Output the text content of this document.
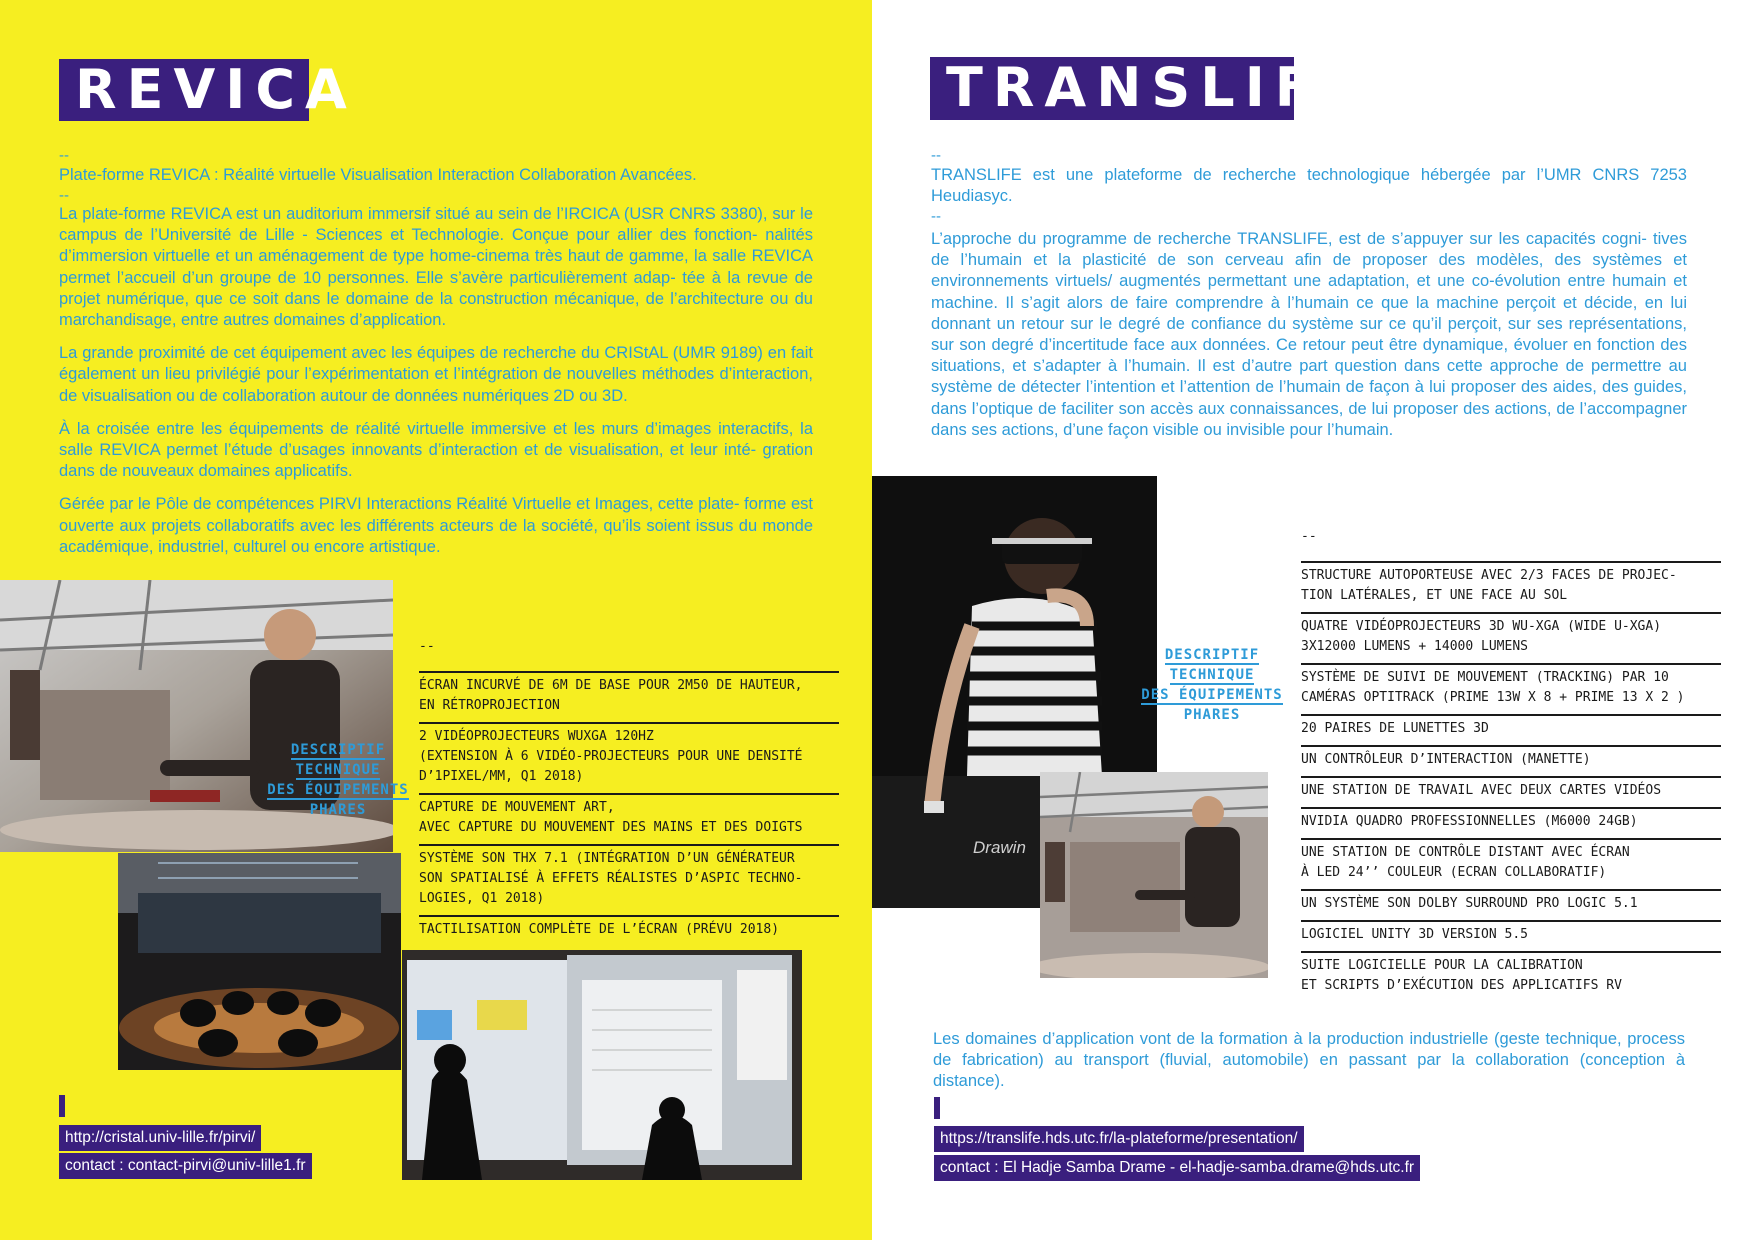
REVICA
--
Plate-forme REVICA : Réalité virtuelle Visualisation Interaction Collaboration Avancées.
--

La plate-forme REVICA est un auditorium immersif situé au sein de l’IRCICA (USR CNRS 3380), sur le campus de l’Université de Lille - Sciences et Technologie. Conçue pour allier des fonction- nalités d’immersion virtuelle et un aménagement de type home-cinema très haut de gamme, la salle REVICA permet l’accueil d’un groupe de 10 personnes. Elle s’avère particulièrement adap- tée à la revue de projet numérique, que ce soit dans le domaine de la construction mécanique, de l’architecture ou du marchandisage, entre autres domaines d’application.

La grande proximité de cet équipement avec les équipes de recherche du CRIStAL (UMR 9189) en fait également un lieu privilégié pour l’expérimentation et l’intégration de nouvelles méthodes d’interaction, de visualisation ou de collaboration autour de données numériques 2D ou 3D.

À la croisée entre les équipements de réalité virtuelle immersive et les murs d’images interactifs, la salle REVICA permet l’étude d’usages innovants d’interaction et de visualisation, et leur inté- gration dans de nouveaux domaines applicatifs.

Gérée par le Pôle de compétences PIRVI Interactions Réalité Virtuelle et Images, cette plate- forme est ouverte aux projets collaboratifs avec les différents acteurs de la société, qu’ils soient issus du monde académique, industriel, culturel ou encore artistique.

DESCRIPTIF
TECHNIQUE
DES ÉQUIPEMENTS
PHARES
--
ÉCRAN INCURVÉ DE 6M DE BASE POUR 2M50 DE HAUTEUR,
EN RÉTROPROJECTION
2 VIDÉOPROJECTEURS WUXGA 120HZ
(EXTENSION À 6 VIDÉO-PROJECTEURS POUR UNE DENSITÉ
D’1PIXEL/MM, Q1 2018)
CAPTURE DE MOUVEMENT ART,
AVEC CAPTURE DU MOUVEMENT DES MAINS ET DES DOIGTS
SYSTÈME SON THX 7.1 (INTÉGRATION D’UN GÉNÉRATEUR
SON SPATIALISÉ À EFFETS RÉALISTES D’ASPIC TECHNO-
LOGIES, Q1 2018)
TACTILISATION COMPLÈTE DE L’ÉCRAN (PRÉVU 2018)
http://cristal.univ-lille.fr/pirvi/
contact : contact-pirvi@univ-lille1.fr
TRANSLIFE
--
TRANSLIFE est une plateforme de recherche technologique hébergée par l’UMR CNRS 7253 Heudiasyc.
--
L’approche du programme de recherche TRANSLIFE, est de s’appuyer sur les capacités cogni- tives de l’humain et la plasticité de son cerveau afin de proposer des modèles, des systèmes et environnements virtuels/ augmentés permettant une adaptation, et une co-évolution entre humain et machine. Il s’agit alors de faire comprendre à l’humain ce que la machine perçoit et décide, en lui donnant un retour sur le degré de confiance du système sur ce qu’il perçoit, sur ses représentations, sur son degré d’incertitude face aux données. Ce retour peut être dynamique, évoluer en fonction des situations, et s’adapter à l’humain. Il est d’autre part question dans cette approche de permettre au système de détecter l’intention et l’attention de l’humain de façon à lui proposer des aides, des guides, dans l’optique de faciliter son accès aux connaissances, de lui proposer des actions, de l’accompagner dans ses actions, d’une façon visible ou invisible pour l’humain.
Drawin
DESCRIPTIF
TECHNIQUE
DES ÉQUIPEMENTS
PHARES
--
STRUCTURE AUTOPORTEUSE AVEC 2/3 FACES DE PROJEC-
TION LATÉRALES, ET UNE FACE AU SOL
QUATRE VIDÉOPROJECTEURS 3D WU-XGA (WIDE U-XGA)
3X12000 LUMENS + 14000 LUMENS
SYSTÈME DE SUIVI DE MOUVEMENT (TRACKING) PAR 10
CAMÉRAS OPTITRACK (PRIME 13W X 8 + PRIME 13 X 2 )
20 PAIRES DE LUNETTES 3D
UN CONTRÔLEUR D’INTERACTION (MANETTE)
UNE STATION DE TRAVAIL AVEC DEUX CARTES VIDÉOS
NVIDIA QUADRO PROFESSIONNELLES (M6000 24GB)
UNE STATION DE CONTRÔLE DISTANT AVEC ÉCRAN
À LED 24’’ COULEUR (ECRAN COLLABORATIF)
UN SYSTÈME SON DOLBY SURROUND PRO LOGIC 5.1
LOGICIEL UNITY 3D VERSION 5.5
SUITE LOGICIELLE POUR LA CALIBRATION
ET SCRIPTS D’EXÉCUTION DES APPLICATIFS RV
Les domaines d’application vont de la formation à la production industrielle (geste technique, process de fabrication) au transport (fluvial, automobile) en passant par la collaboration (conception à distance).
https://translife.hds.utc.fr/la-plateforme/presentation/
contact : El Hadje Samba Drame - el-hadje-samba.drame@hds.utc.fr
